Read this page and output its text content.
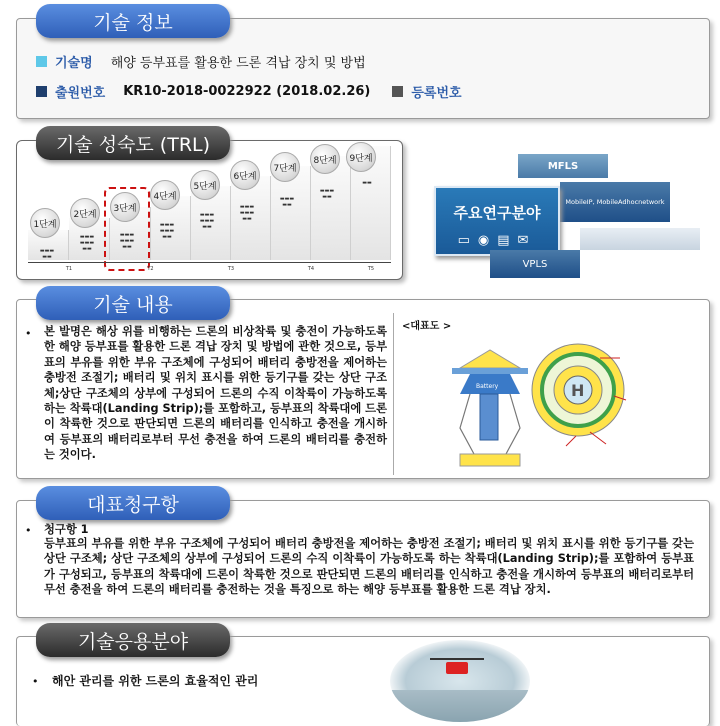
기술 정보
기술명 해양 등부표를 활용한 드론 격납 장치 및 방법
출원번호 KR10-2018-0022922 (2018.02.26)	등록번호
기술 성숙도 (TRL)
1단계
2단계
3단계
4단계
5단계
6단계
7단계
8단계	9단계
▬▬▬
▬▬
▬▬▬
▬▬▬
▬▬
▬▬▬
▬▬▬
▬▬
▬▬▬
▬▬▬
▬▬
▬▬▬
▬▬▬
▬▬
▬▬▬
▬▬▬
▬▬
▬▬▬
▬▬
▬▬▬
▬▬
▬▬
T1	T2	T3	T4	T5
MFLS
MobileIP, MobileAdhocnetwork
주요연구분야
▭◉▤✉
VPLS
기술 내용
• 본 발명은 해상 위를 비행하는 드론의 비상착륙 및 충전이 가능하도록 한 해양 등부표를 활용한 드론 격납 장치 및 방법에 관한 것으로, 등부표의 부유를 위한 부유 구조체에 구성되어 배터리 충방전을 제어하는 충방전 조절기; 배터리 및 위치 표시를 위한 등기구를 갖는 상단 구조체;상단 구조체의 상부에 구성되어 드론의 수직 이착륙이 가능하도록 하는 착륙대(Landing Strip);를 포함하고, 등부표의 착륙대에 드론이 착륙한 것으로 판단되면 드론의 배터리를 인식하고 충전을 개시하여 등부표의 배터리로부터 무선 충전을 하여 드론의 배터리를 충전하는 것이다.
<대표도 >
Battery	H
대표청구항
• 청구항 1
등부표의 부유를 위한 부유 구조체에 구성되어 배터리 충방전을 제어하는 충방전 조절기; 배터리 및 위치 표시를 위한 등기구를 갖는 상단 구조체; 상단 구조체의 상부에 구성되어 드론의 수직 이착륙이 가능하도록 하는 착륙대(Landing Strip);를 포함하여 등부표가 구성되고, 등부표의 착륙대에 드론이 착륙한 것으로 판단되면 드론의 배터리를 인식하고 충전을 개시하여 등부표의 배터리로부터 무선 충전을 하여 드론의 배터리를 충전하는 것을 특징으로 하는 해양 등부표를 활용한 드론 격납 장치.
기술응용분야
• 해안 관리를 위한 드론의 효율적인 관리
